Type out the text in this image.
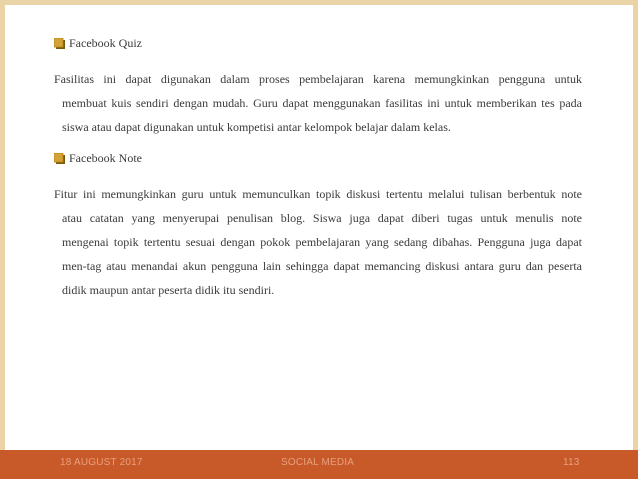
Facebook Quiz
Fasilitas ini dapat digunakan dalam proses pembelajaran karena memungkinkan pengguna untuk
membuat kuis sendiri dengan mudah. Guru dapat menggunakan fasilitas ini untuk memberikan tes pada
siswa atau dapat digunakan untuk kompetisi antar kelompok belajar dalam kelas.
Facebook Note
Fitur ini memungkinkan guru untuk memunculkan topik diskusi tertentu melalui tulisan berbentuk note
atau catatan yang menyerupai penulisan blog. Siswa juga dapat diberi tugas untuk menulis note
mengenai topik tertentu sesuai dengan pokok pembelajaran yang sedang dibahas. Pengguna juga dapat
men-tag atau menandai akun pengguna lain sehingga dapat memancing diskusi antara guru dan peserta
didik maupun antar peserta didik itu sendiri.
18 AUGUST 2017	SOCIAL MEDIA	113
